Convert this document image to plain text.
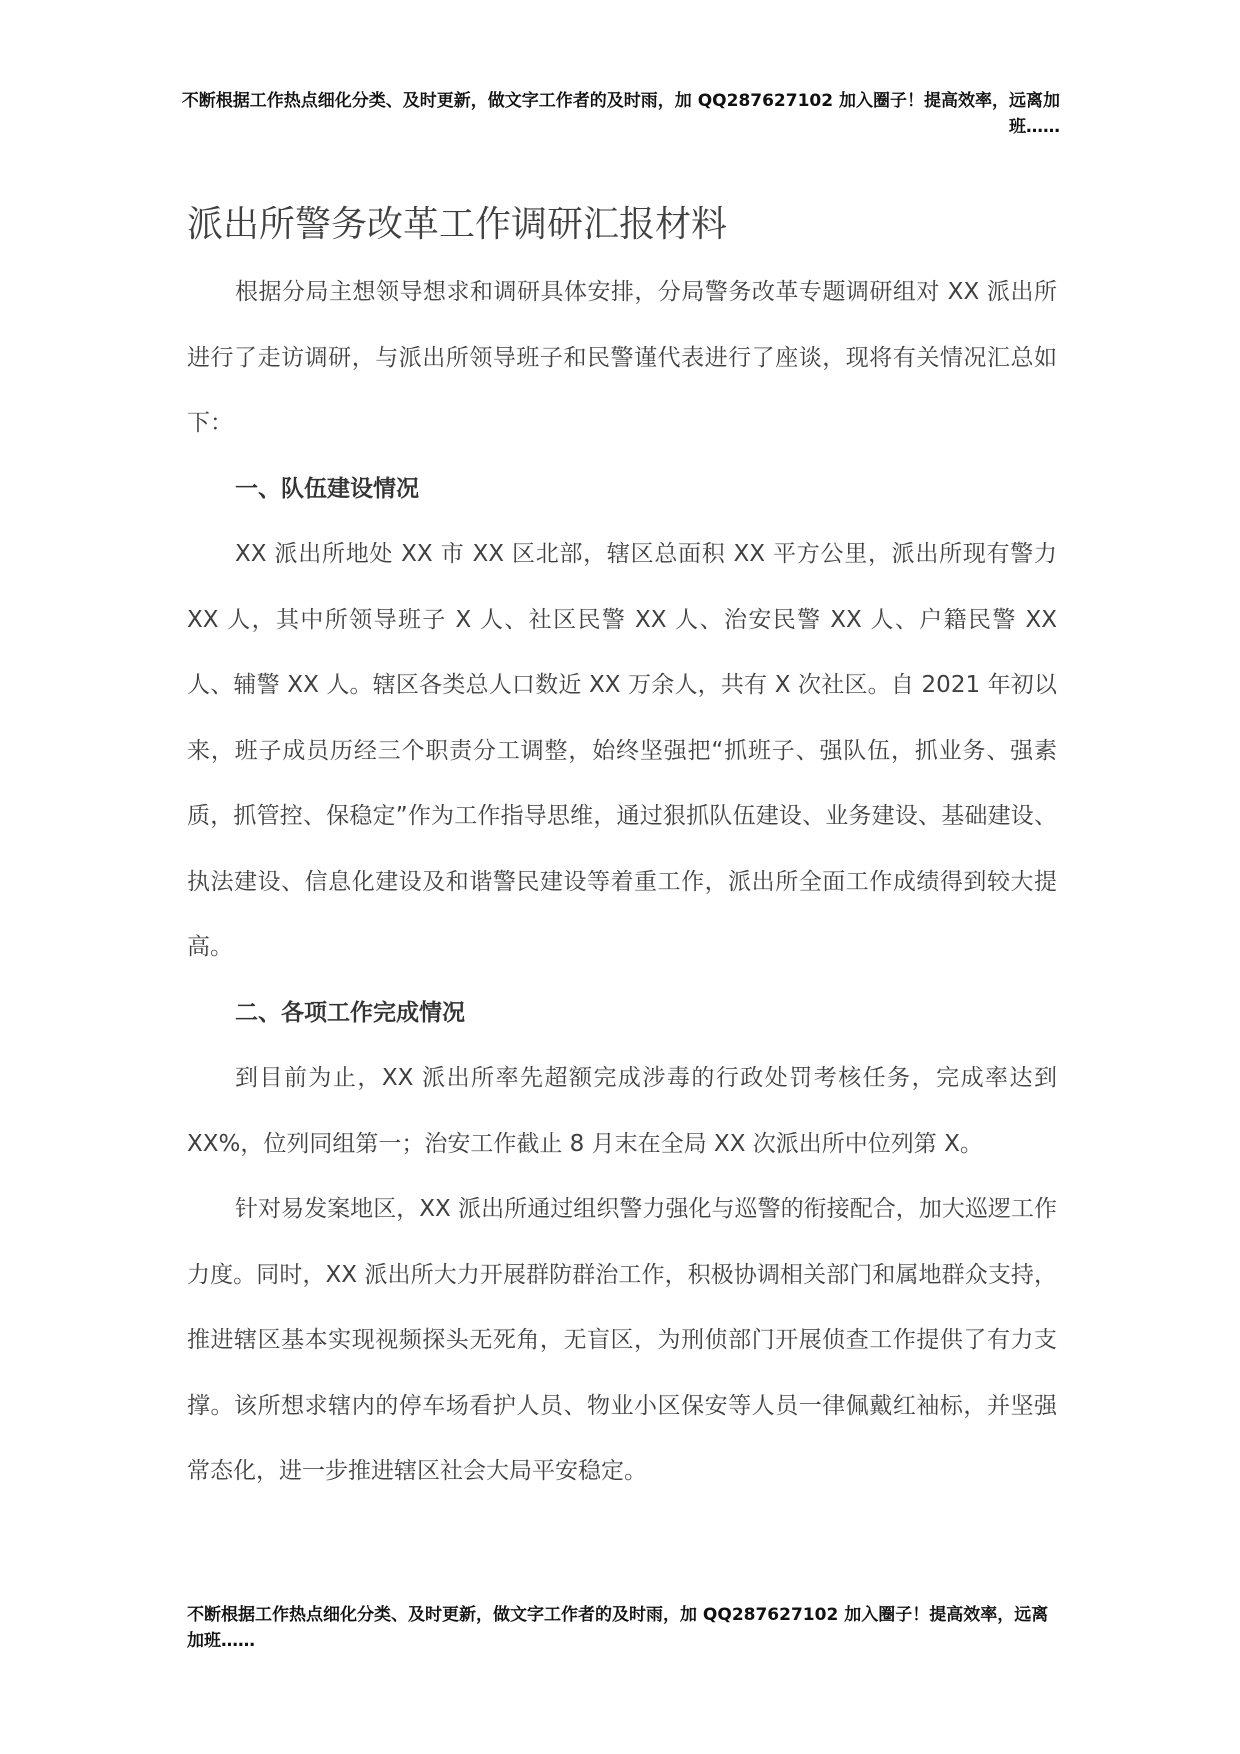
不断根据工作热点细化分类、及时更新，做文字工作者的及时雨，加 QQ287627102 加入圈子！提高效率，远离加班……
派出所警务改革工作调研汇报材料

根据分局主想领导想求和调研具体安排，分局警务改革专题调研组对 XX 派出所进行了走访调研，与派出所领导班子和民警谨代表进行了座谈，现将有关情况汇总如下：

一、队伍建设情况

XX 派出所地处 XX 市 XX 区北部，辖区总面积 XX 平方公里，派出所现有警力 XX 人，其中所领导班子 X 人、社区民警 XX 人、治安民警 XX 人、户籍民警 XX 人、辅警 XX 人。辖区各类总人口数近 XX 万余人，共有 X 次社区。自 2021 年初以来，班子成员历经三个职责分工调整，始终坚强把“抓班子、强队伍，抓业务、强素质，抓管控、保稳定”作为工作指导思维，通过狠抓队伍建设、业务建设、基础建设、执法建设、信息化建设及和谐警民建设等着重工作，派出所全面工作成绩得到较大提高。

二、各项工作完成情况

到目前为止，XX 派出所率先超额完成涉毒的行政处罚考核任务，完成率达到 XX%，位列同组第一；治安工作截止 8 月末在全局 XX 次派出所中位列第 X。

针对易发案地区，XX 派出所通过组织警力强化与巡警的衔接配合，加大巡逻工作力度。同时，XX 派出所大力开展群防群治工作，积极协调相关部门和属地群众支持，推进辖区基本实现视频探头无死角，无盲区，为刑侦部门开展侦查工作提供了有力支撑。该所想求辖内的停车场看护人员、物业小区保安等人员一律佩戴红袖标，并坚强常态化，进一步推进辖区社会大局平安稳定。

不断根据工作热点细化分类、及时更新，做文字工作者的及时雨，加 QQ287627102 加入圈子！提高效率，远离加班……
